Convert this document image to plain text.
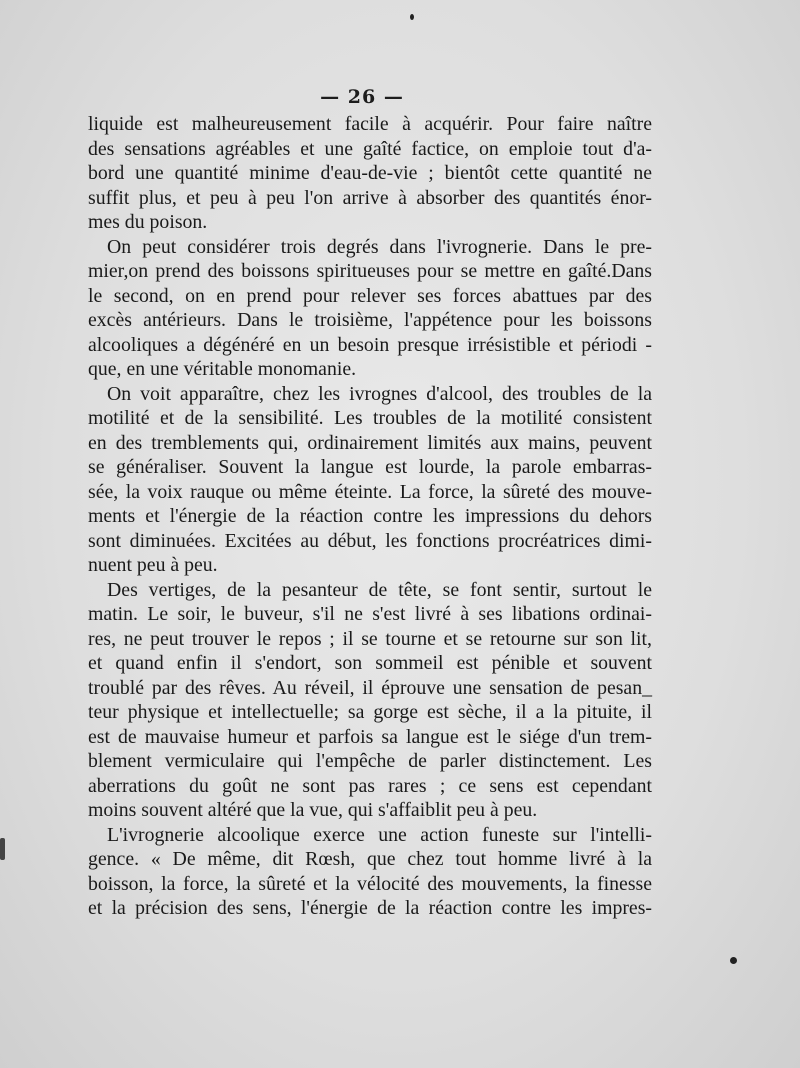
— 26 —
liquide est malheureusement facile à acquérir. Pour faire naître
des sensations agréables et une gaîté factice, on emploie tout d'a-
bord une quantité minime d'eau-de-vie ; bientôt cette quantité ne
suffit plus, et peu à peu l'on arrive à absorber des quantités énor-
mes du poison.
On peut considérer trois degrés dans l'ivrognerie. Dans le pre-
mier,on prend des boissons spiritueuses pour se mettre en gaîté.Dans
le second, on en prend pour relever ses forces abattues par des
excès antérieurs. Dans le troisième, l'appétence pour les boissons
alcooliques a dégénéré en un besoin presque irrésistible et périodi -
que, en une véritable monomanie.
On voit apparaître, chez les ivrognes d'alcool, des troubles de la
motilité et de la sensibilité. Les troubles de la motilité consistent
en des tremblements qui, ordinairement limités aux mains, peuvent
se généraliser. Souvent la langue est lourde, la parole embarras-
sée, la voix rauque ou même éteinte. La force, la sûreté des mouve-
ments et l'énergie de la réaction contre les impressions du dehors
sont diminuées. Excitées au début, les fonctions procréatrices dimi-
nuent peu à peu.
Des vertiges, de la pesanteur de tête, se font sentir, surtout le
matin. Le soir, le buveur, s'il ne s'est livré à ses libations ordinai-
res, ne peut trouver le repos ; il se tourne et se retourne sur son lit,
et quand enfin il s'endort, son sommeil est pénible et souvent
troublé par des rêves. Au réveil, il éprouve une sensation de pesan_
teur physique et intellectuelle; sa gorge est sèche, il a la pituite, il
est de mauvaise humeur et parfois sa langue est le siége d'un trem-
blement vermiculaire qui l'empêche de parler distinctement. Les
aberrations du goût ne sont pas rares ; ce sens est cependant
moins souvent altéré que la vue, qui s'affaiblit peu à peu.
L'ivrognerie alcoolique exerce une action funeste sur l'intelli-
gence. « De même, dit Rœsh, que chez tout homme livré à la
boisson, la force, la sûreté et la vélocité des mouvements, la finesse
et la précision des sens, l'énergie de la réaction contre les impres-
